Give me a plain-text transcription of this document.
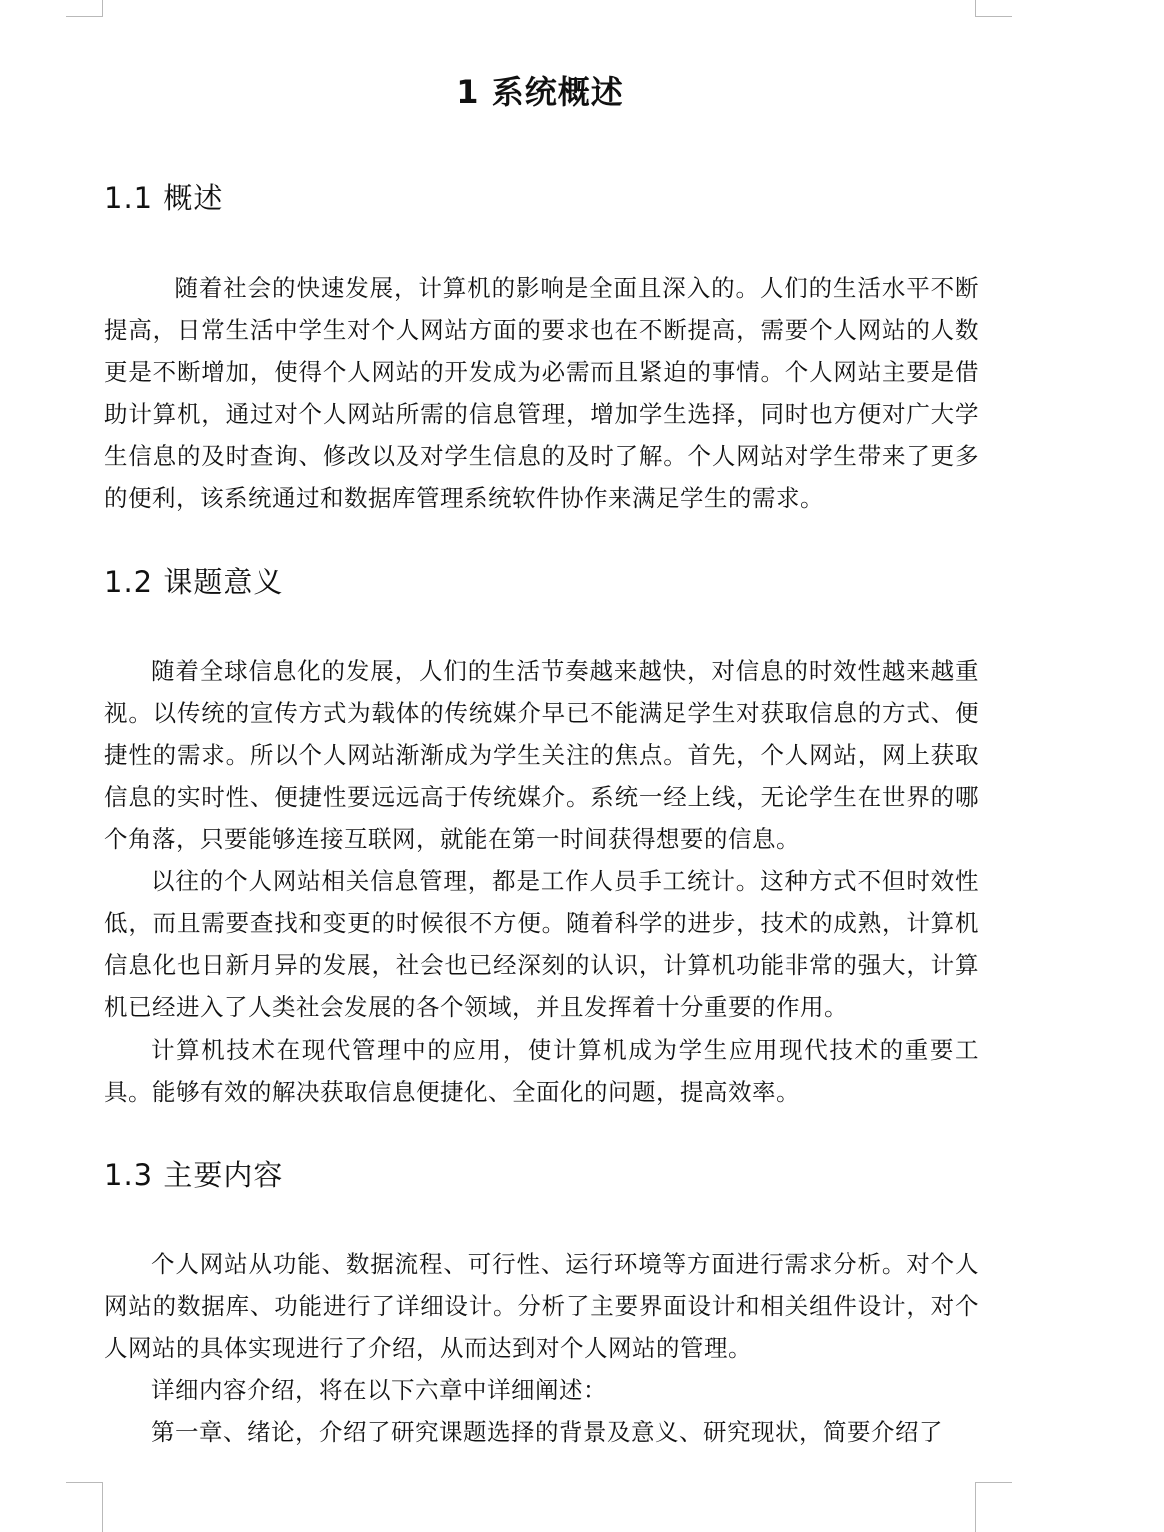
1 系统概述
1.1 概述

随着社会的快速发展，计算机的影响是全面且深入的。人们的生活水平不断提高，日常生活中学生对个人网站方面的要求也在不断提高，需要个人网站的人数更是不断增加，使得个人网站的开发成为必需而且紧迫的事情。个人网站主要是借助计算机，通过对个人网站所需的信息管理，增加学生选择，同时也方便对广大学生信息的及时查询、修改以及对学生信息的及时了解。个人网站对学生带来了更多的便利，该系统通过和数据库管理系统软件协作来满足学生的需求。

1.2 课题意义

随着全球信息化的发展，人们的生活节奏越来越快，对信息的时效性越来越重视。以传统的宣传方式为载体的传统媒介早已不能满足学生对获取信息的方式、便捷性的需求。所以个人网站渐渐成为学生关注的焦点。首先，个人网站，网上获取信息的实时性、便捷性要远远高于传统媒介。系统一经上线，无论学生在世界的哪个角落，只要能够连接互联网，就能在第一时间获得想要的信息。

以往的个人网站相关信息管理，都是工作人员手工统计。这种方式不但时效性低，而且需要查找和变更的时候很不方便。随着科学的进步，技术的成熟，计算机信息化也日新月异的发展，社会也已经深刻的认识，计算机功能非常的强大，计算机已经进入了人类社会发展的各个领域，并且发挥着十分重要的作用。

计算机技术在现代管理中的应用，使计算机成为学生应用现代技术的重要工具。能够有效的解决获取信息便捷化、全面化的问题，提高效率。

1.3 主要内容

个人网站从功能、数据流程、可行性、运行环境等方面进行需求分析。对个人网站的数据库、功能进行了详细设计。分析了主要界面设计和相关组件设计，对个人网站的具体实现进行了介绍，从而达到对个人网站的管理。

详细内容介绍，将在以下六章中详细阐述：

第一章、绪论，介绍了研究课题选择的背景及意义、研究现状，简要介绍了
